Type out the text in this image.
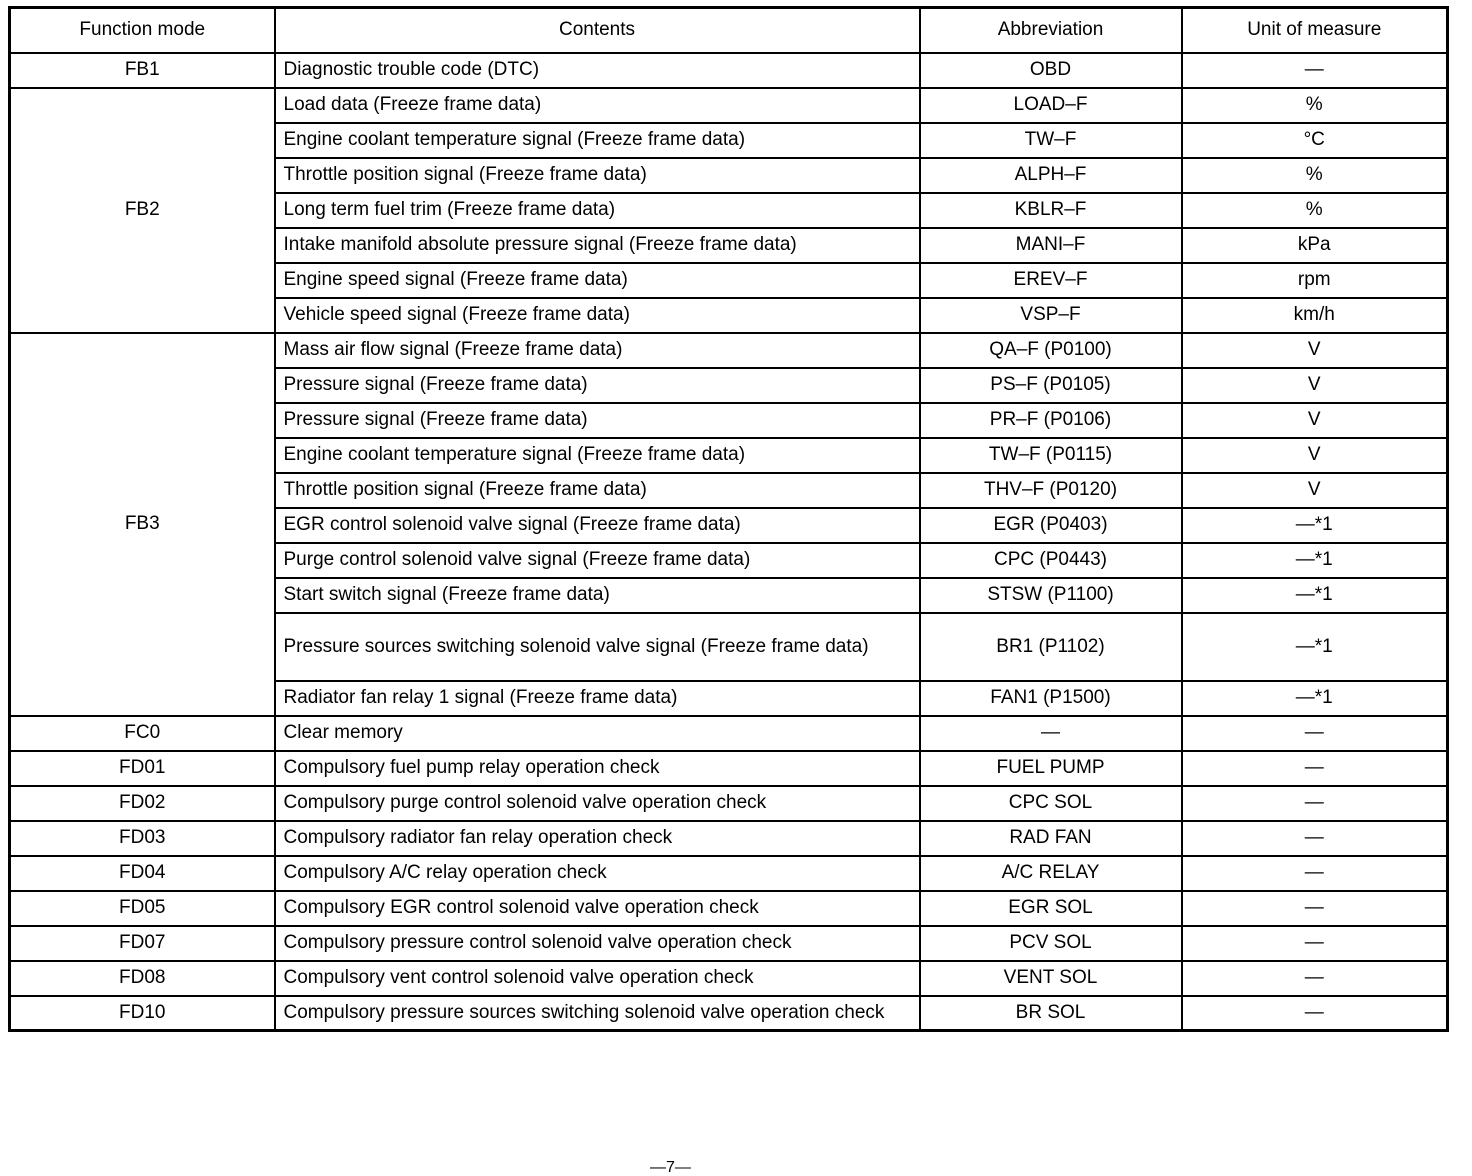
Function mode	Contents	Abbreviation	Unit of measure
FB1	Diagnostic trouble code (DTC)	OBD	—
FB2	Load data (Freeze frame data)	LOAD–F	%
	Engine coolant temperature signal (Freeze frame data)	TW–F	°C
	Throttle position signal (Freeze frame data)	ALPH–F	%
	Long term fuel trim (Freeze frame data)	KBLR–F	%
	Intake manifold absolute pressure signal (Freeze frame data)	MANI–F	kPa
	Engine speed signal (Freeze frame data)	EREV–F	rpm
	Vehicle speed signal (Freeze frame data)	VSP–F	km/h
FB3	Mass air flow signal (Freeze frame data)	QA–F (P0100)	V
	Pressure signal (Freeze frame data)	PS–F (P0105)	V
	Pressure signal (Freeze frame data)	PR–F (P0106)	V
	Engine coolant temperature signal (Freeze frame data)	TW–F (P0115)	V
	Throttle position signal (Freeze frame data)	THV–F (P0120)	V
	EGR control solenoid valve signal (Freeze frame data)	EGR (P0403)	—*1
	Purge control solenoid valve signal (Freeze frame data)	CPC (P0443)	—*1
	Start switch signal (Freeze frame data)	STSW (P1100)	—*1
	Pressure sources switching solenoid valve signal (Freeze frame data)	BR1 (P1102)	—*1
	Radiator fan relay 1 signal (Freeze frame data)	FAN1 (P1500)	—*1
FC0	Clear memory	—	—
FD01	Compulsory fuel pump relay operation check	FUEL PUMP	—
FD02	Compulsory purge control solenoid valve operation check	CPC SOL	—
FD03	Compulsory radiator fan relay operation check	RAD FAN	—
FD04	Compulsory A/C relay operation check	A/C RELAY	—
FD05	Compulsory EGR control solenoid valve operation check	EGR SOL	—
FD07	Compulsory pressure control solenoid valve operation check	PCV SOL	—
FD08	Compulsory vent control solenoid valve operation check	VENT SOL	—
FD10	Compulsory pressure sources switching solenoid valve operation check	BR SOL	—
—7—
